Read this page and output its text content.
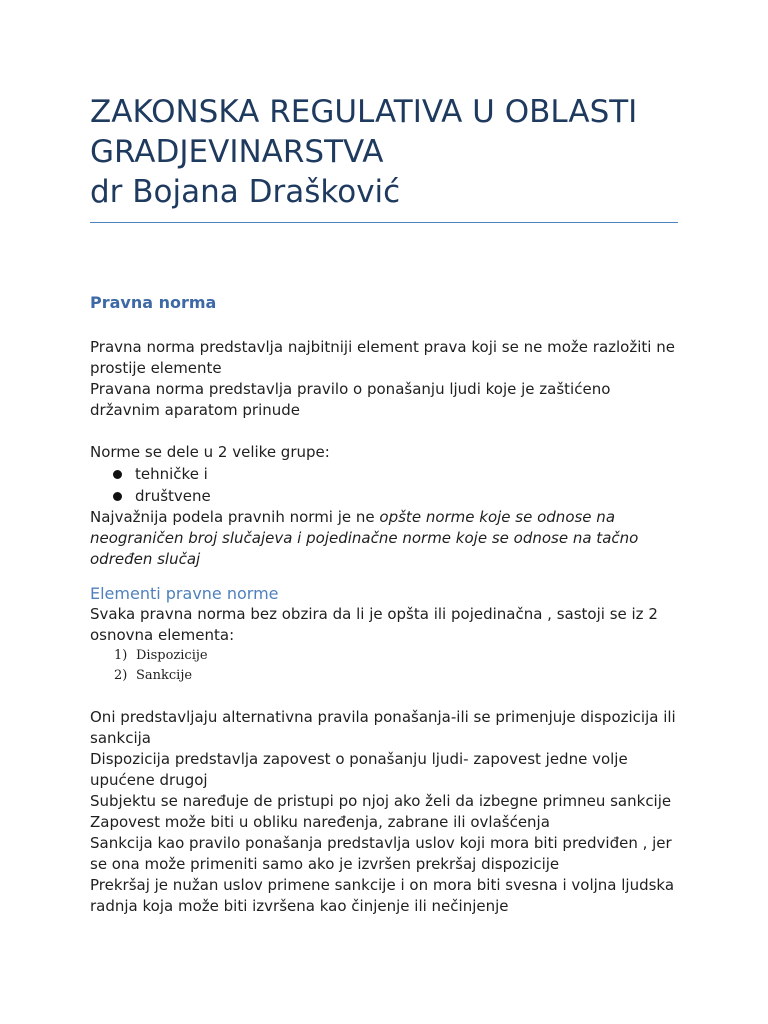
ZAKONSKA REGULATIVA U OBLASTI
GRADJEVINARSTVA
dr Bojana Drašković
Pravna norma

Pravna norma predstavlja najbitniji element prava koji se ne može razložiti ne prostije elemente

Pravana norma predstavlja pravilo o ponašanju ljudi koje je zaštićeno državnim aparatom prinude

Norme se dele u 2 velike grupe:

tehničke i
društvene

Najvažnija podela pravnih normi je ne opšte norme koje se odnose na neograničen broj slučajeva i pojedinačne norme koje se odnose na tačno određen slučaj

Elementi pravne norme

Svaka pravna norma bez obzira da li je opšta ili pojedinačna , sastoji se iz 2 osnovna elementa:

1) Dispozicije
2) Sankcije

Oni predstavljaju alternativna pravila ponašanja-ili se primenjuje dispozicija ili sankcija

Dispozicija predstavlja zapovest o ponašanju ljudi- zapovest jedne volje upućene drugoj

Subjektu se naređuje de pristupi po njoj ako želi da izbegne primneu sankcije

Zapovest može biti u obliku naređenja, zabrane ili ovlašćenja

Sankcija kao pravilo ponašanja predstavlja uslov koji mora biti predviđen , jer se ona može primeniti samo ako je izvršen prekršaj dispozicije

Prekršaj je nužan uslov primene sankcije i on mora biti svesna i voljna ljudska radnja koja može biti izvršena kao činjenje ili nečinjenje
